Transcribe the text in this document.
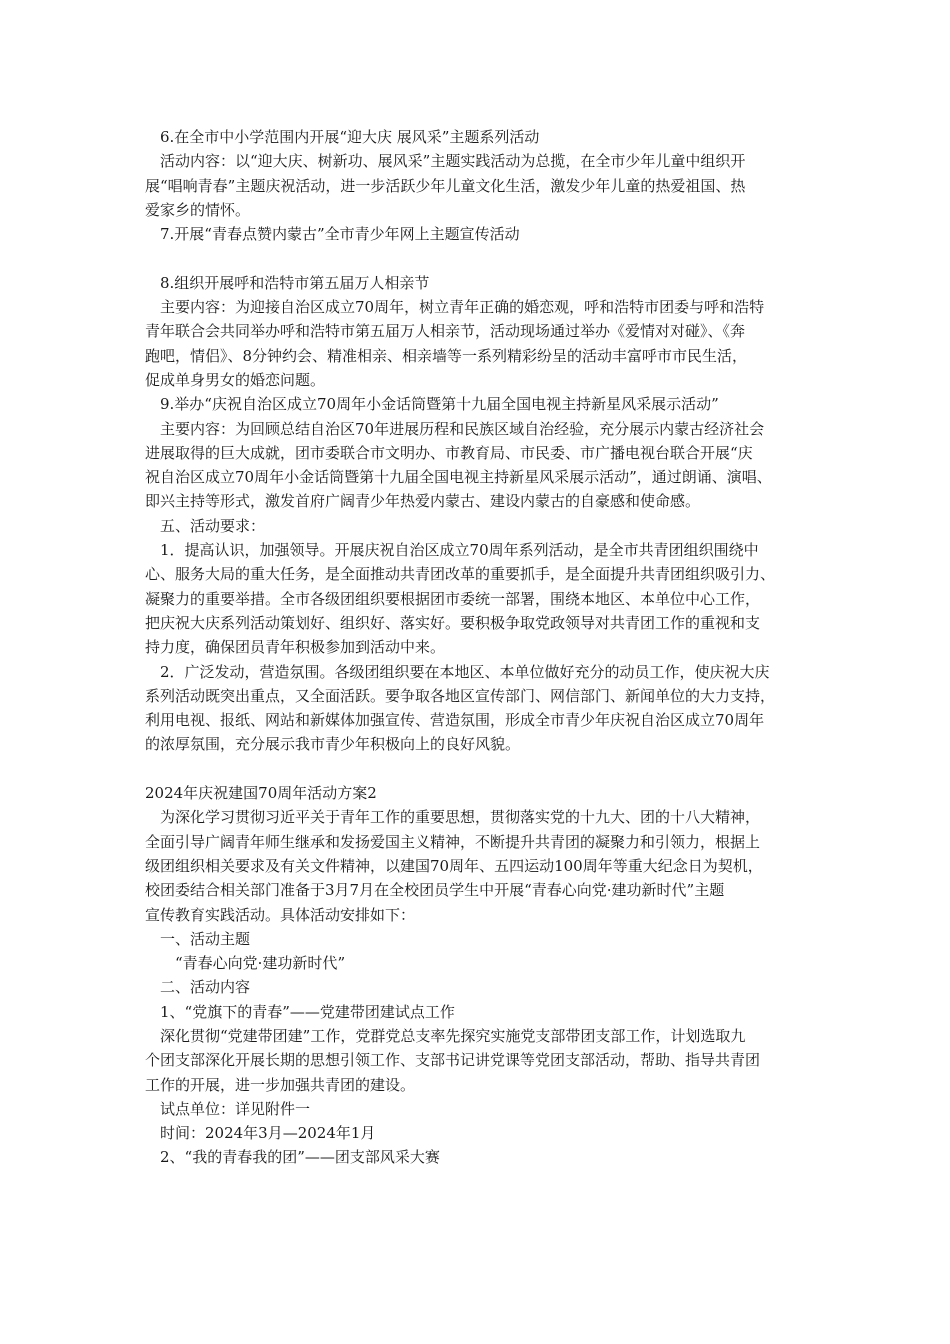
6.在全市中小学范围内开展“迎大庆 展风采”主题系列活动
活动内容：以“迎大庆、树新功、展风采”主题实践活动为总揽，在全市少年儿童中组织开
展“唱响青春”主题庆祝活动，进一步活跃少年儿童文化生活，激发少年儿童的热爱祖国、热
爱家乡的情怀。
7.开展“青春点赞内蒙古”全市青少年网上主题宣传活动
8.组织开展呼和浩特市第五届万人相亲节
主要内容：为迎接自治区成立70周年，树立青年正确的婚恋观，呼和浩特市团委与呼和浩特
青年联合会共同举办呼和浩特市第五届万人相亲节，活动现场通过举办《爱情对对碰》、《奔
跑吧，情侣》、8分钟约会、精准相亲、相亲墙等一系列精彩纷呈的活动丰富呼市市民生活，
促成单身男女的婚恋问题。
9.举办“庆祝自治区成立70周年小金话筒暨第十九届全国电视主持新星风采展示活动”
主要内容：为回顾总结自治区70年进展历程和民族区域自治经验，充分展示内蒙古经济社会
进展取得的巨大成就，团市委联合市文明办、市教育局、市民委、市广播电视台联合开展“庆
祝自治区成立70周年小金话筒暨第十九届全国电视主持新星风采展示活动”，通过朗诵、演唱、
即兴主持等形式，激发首府广阔青少年热爱内蒙古、建设内蒙古的自豪感和使命感。
五、活动要求：
1．提高认识，加强领导。开展庆祝自治区成立70周年系列活动，是全市共青团组织围绕中
心、服务大局的重大任务，是全面推动共青团改革的重要抓手，是全面提升共青团组织吸引力、
凝聚力的重要举措。全市各级团组织要根据团市委统一部署，围绕本地区、本单位中心工作，
把庆祝大庆系列活动策划好、组织好、落实好。要积极争取党政领导对共青团工作的重视和支
持力度，确保团员青年积极参加到活动中来。
2．广泛发动，营造氛围。各级团组织要在本地区、本单位做好充分的动员工作，使庆祝大庆
系列活动既突出重点，又全面活跃。要争取各地区宣传部门、网信部门、新闻单位的大力支持，
利用电视、报纸、网站和新媒体加强宣传、营造氛围，形成全市青少年庆祝自治区成立70周年
的浓厚氛围，充分展示我市青少年积极向上的良好风貌。
2024年庆祝建国70周年活动方案2
为深化学习贯彻习近平关于青年工作的重要思想，贯彻落实党的十九大、团的十八大精神，
全面引导广阔青年师生继承和发扬爱国主义精神，不断提升共青团的凝聚力和引领力，根据上
级团组织相关要求及有关文件精神，以建国70周年、五四运动100周年等重大纪念日为契机，
校团委结合相关部门准备于3月7月在全校团员学生中开展“青春心向党·建功新时代”主题
宣传教育实践活动。具体活动安排如下：
一、活动主题
“青春心向党·建功新时代”
二、活动内容
1、“党旗下的青春”——党建带团建试点工作
深化贯彻“党建带团建”工作，党群党总支率先探究实施党支部带团支部工作，计划选取九
个团支部深化开展长期的思想引领工作、支部书记讲党课等党团支部活动，帮助、指导共青团
工作的开展，进一步加强共青团的建设。
试点单位：详见附件一
时间：2024年3月—2024年1月
2、“我的青春我的团”——团支部风采大赛
